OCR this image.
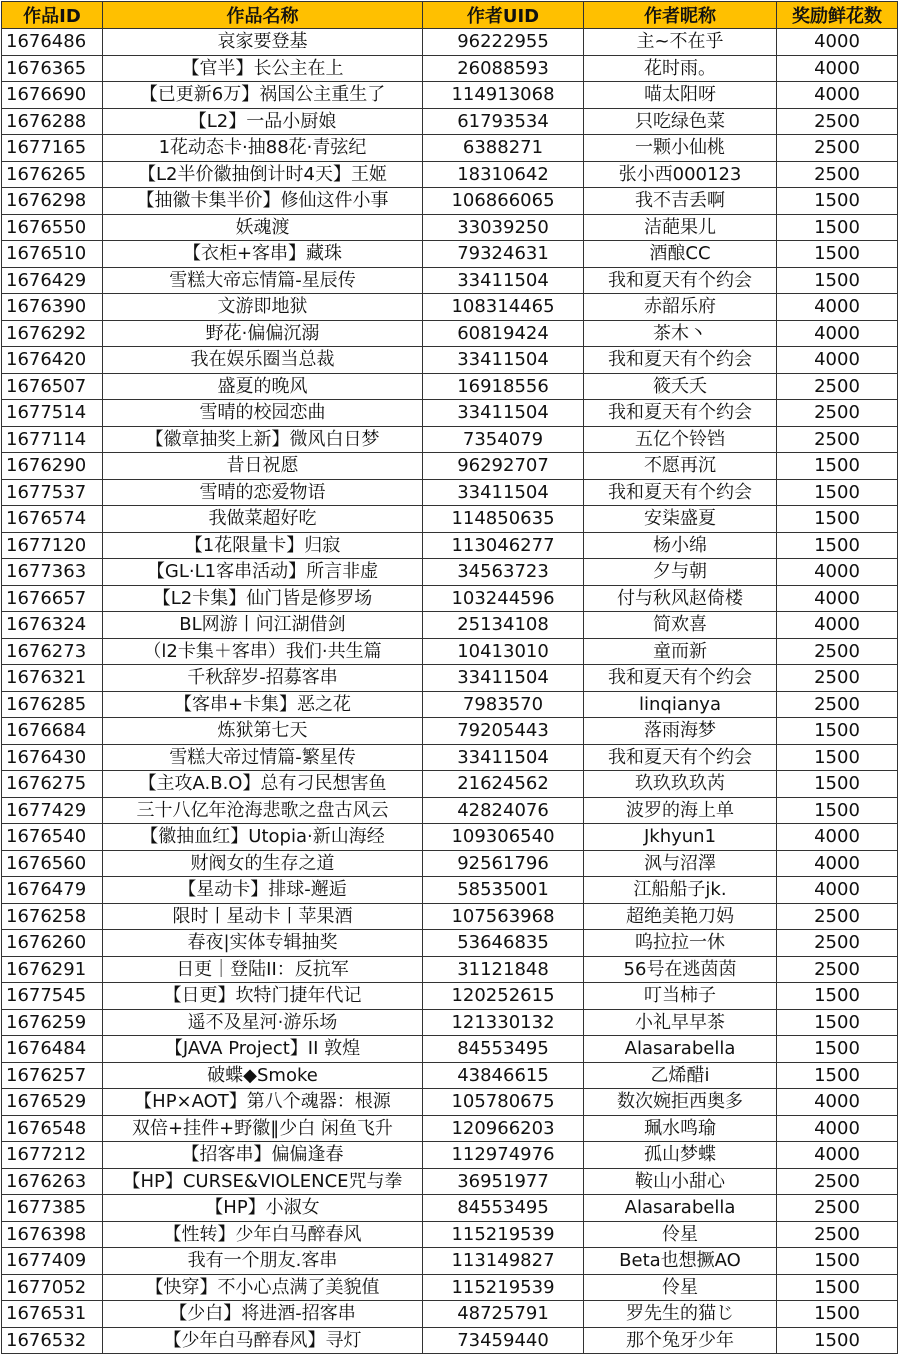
作品ID	作品名称	作者UID	作者昵称	奖励鲜花数
1676486	哀家要登基	96222955	主~不在乎	4000
1676365	【官半】长公主在上	26088593	花时雨。	4000
1676690	【已更新6万】祸国公主重生了	114913068	喵太阳呀	4000
1676288	【L2】一品小厨娘	61793534	只吃绿色菜	2500
1677165	1花动态卡·抽88花·青弦纪	6388271	一颗小仙桃	2500
1676265	【L2半价徽抽倒计时4天】王姬	18310642	张小西000123	2500
1676298	【抽徽卡集半价】修仙这件小事	106866065	我不吉丢啊	1500
1676550	妖魂渡	33039250	洁葩果儿	1500
1676510	【衣柜+客串】藏珠	79324631	酒酿CC	1500
1676429	雪糕大帝忘情篇-星辰传	33411504	我和夏天有个约会	1500
1676390	文游即地狱	108314465	赤韶乐府	4000
1676292	野花·偏偏沉溺	60819424	茶木丶	4000
1676420	我在娱乐圈当总裁	33411504	我和夏天有个约会	4000
1676507	盛夏的晚风	16918556	筱夭夭	2500
1677514	雪晴的校园恋曲	33411504	我和夏天有个约会	2500
1677114	【徽章抽奖上新】微风白日梦	7354079	五亿个铃铛	2500
1676290	昔日祝愿	96292707	不愿再沉	1500
1677537	雪晴的恋爱物语	33411504	我和夏天有个约会	1500
1676574	我做菜超好吃	114850635	安柒盛夏	1500
1677120	【1花限量卡】归寂	113046277	杨小绵	1500
1677363	【GL·L1客串活动】所言非虚	34563723	夕与朝	4000
1676657	【L2卡集】仙门皆是修罗场	103244596	付与秋风赵倚楼	4000
1676324	BL网游丨问江湖借剑	25134108	简欢喜	4000
1676273	（l2卡集＋客串）我们·共生篇	10413010	童而新	2500
1676321	千秋辞岁-招募客串	33411504	我和夏天有个约会	2500
1676285	【客串+卡集】恶之花	7983570	linqianya	2500
1676684	炼狱第七天	79205443	落雨海梦	1500
1676430	雪糕大帝过情篇-繁星传	33411504	我和夏天有个约会	1500
1676275	【主攻A.B.O】总有刁民想害鱼	21624562	玖玖玖玖芮	1500
1677429	三十八亿年沧海悲歌之盘古风云	42824076	波罗的海上单	1500
1676540	【徽抽血红】Utopia·新山海经	109306540	Jkhyun1	4000
1676560	财阀女的生存之道	92561796	沨与沼澤	4000
1676479	【星动卡】排球-邂逅	58535001	江船船子jk.	4000
1676258	限时丨星动卡丨苹果酒	107563968	超绝美艳刀妈	2500
1676260	春夜|实体专辑抽奖	53646835	呜拉拉一休	2500
1676291	日更｜登陆II：反抗军	31121848	56号在逃茵茵	2500
1677545	【日更】坎特门捷年代记	120252615	叮当柿子	1500
1676259	遥不及星河·游乐场	121330132	小礼早早茶	1500
1676484	【JAVA Project】II 敦煌	84553495	Alasarabella	1500
1676257	破蝶◆Smoke	43846615	乙烯醋i	1500
1676529	【HP×AOT】第八个魂器：根源	105780675	数次婉拒西奥多	4000
1676548	双倍+挂件+野徽‖少白 闲鱼飞升	120966203	珮水鸣瑜	4000
1677212	【招客串】偏偏逢春	112974976	孤山梦蝶	4000
1676263	【HP】CURSE&VIOLENCE咒与拳	36951977	鞍山小甜心	2500
1677385	【HP】小淑女	84553495	Alasarabella	2500
1676398	【性转】少年白马醉春风	115219539	伶星	2500
1677409	我有一个朋友.客串	113149827	Beta也想撅AO	1500
1677052	【快穿】不小心点满了美貌值	115219539	伶星	1500
1676531	【少白】将进酒-招客串	48725791	罗先生的猫じ	1500
1676532	【少年白马醉春风】寻灯	73459440	那个兔牙少年	1500
